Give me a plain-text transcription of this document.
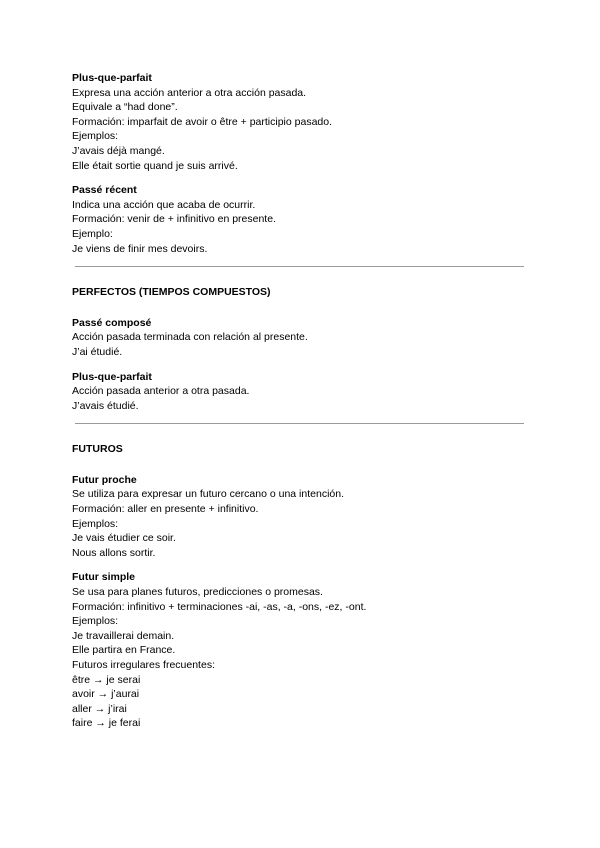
Plus-que-parfait
Expresa una acción anterior a otra acción pasada.
Equivale a “had done”.
Formación: imparfait de avoir o être + participio pasado.
Ejemplos:
J’avais déjà mangé.
Elle était sortie quand je suis arrivé.
Passé récent
Indica una acción que acaba de ocurrir.
Formación: venir de + infinitivo en presente.
Ejemplo:
Je viens de finir mes devoirs.
PERFECTOS (TIEMPOS COMPUESTOS)
Passé composé
Acción pasada terminada con relación al presente.
J’ai étudié.
Plus-que-parfait
Acción pasada anterior a otra pasada.
J’avais étudié.
FUTUROS
Futur proche
Se utiliza para expresar un futuro cercano o una intención.
Formación: aller en presente + infinitivo.
Ejemplos:
Je vais étudier ce soir.
Nous allons sortir.
Futur simple
Se usa para planes futuros, predicciones o promesas.
Formación: infinitivo + terminaciones -ai, -as, -a, -ons, -ez, -ont.
Ejemplos:
Je travaillerai demain.
Elle partira en France.
Futuros irregulares frecuentes:
être → je serai
avoir → j’aurai
aller → j’irai
faire → je ferai
